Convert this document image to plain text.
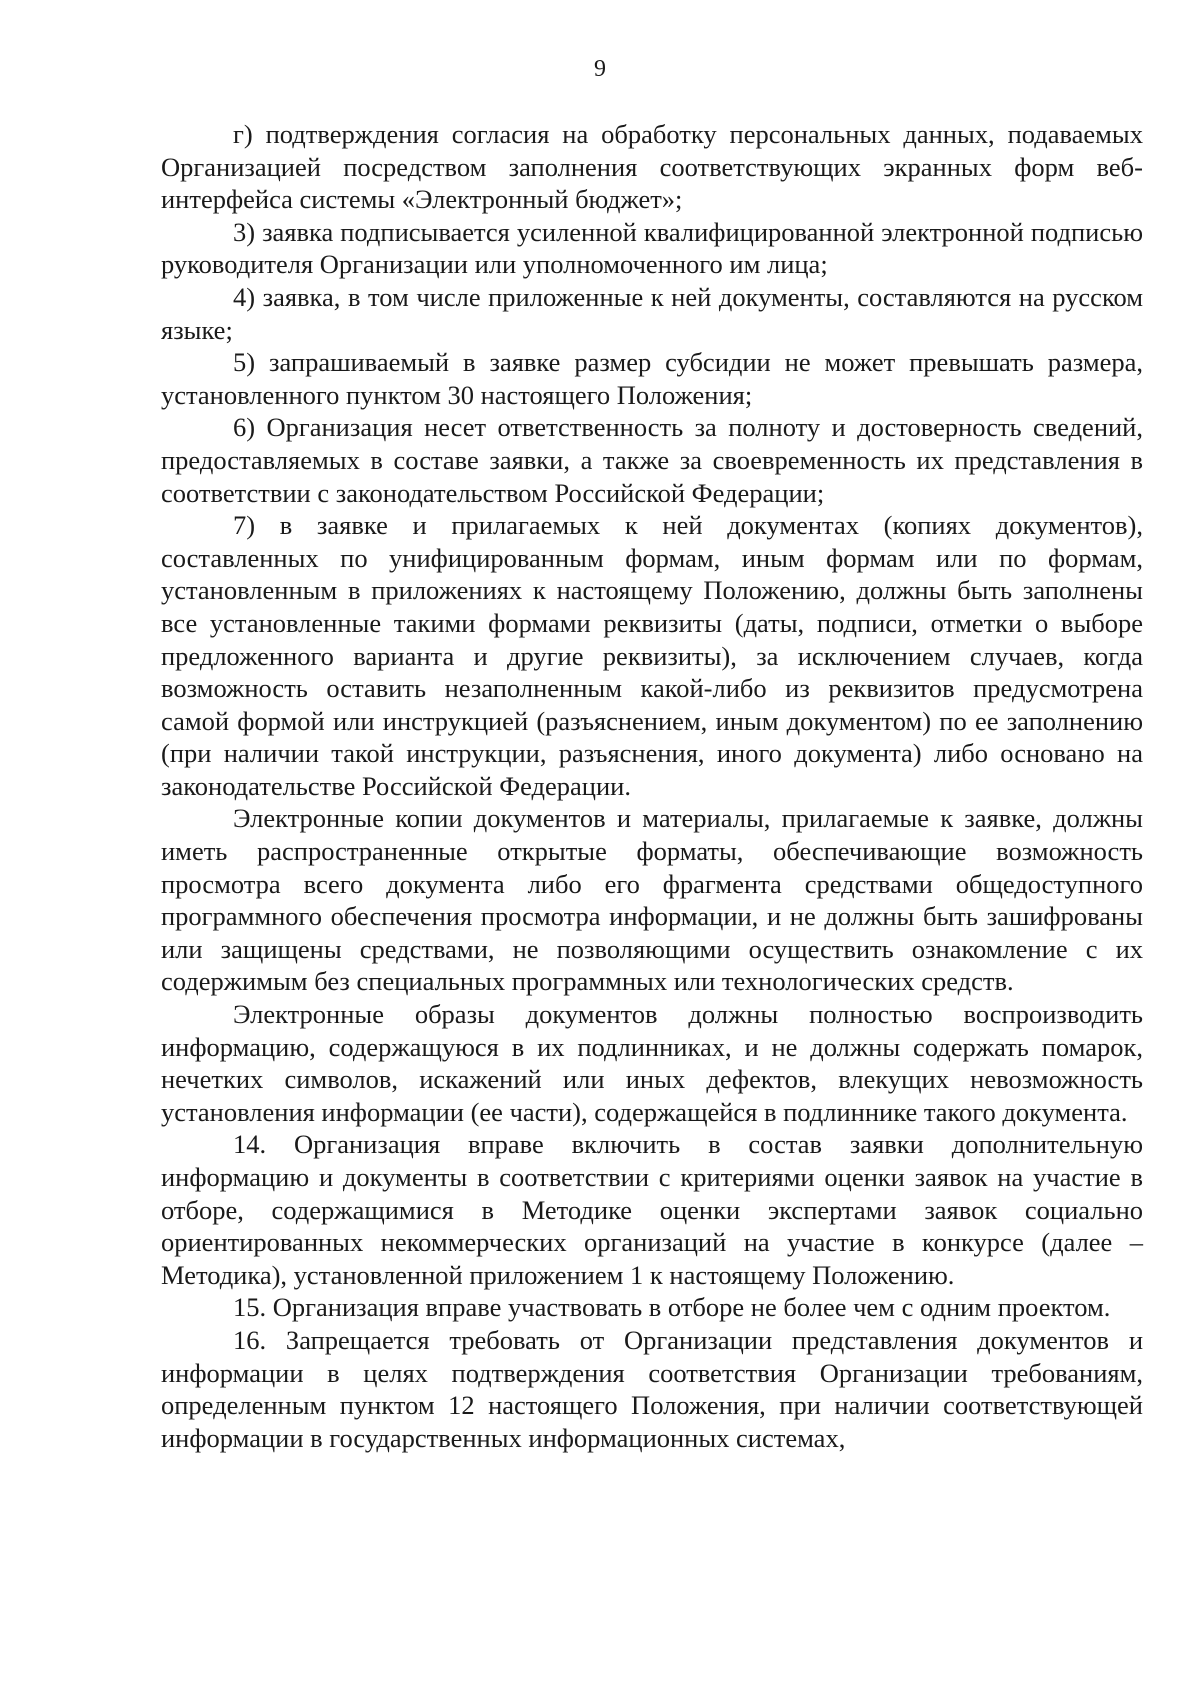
9

г) подтверждения согласия на обработку персональных данных, подаваемых Организацией посредством заполнения соответствующих экранных форм веб-интерфейса системы «Электронный бюджет»;

3) заявка подписывается усиленной квалифицированной электронной подписью руководителя Организации или уполномоченного им лица;

4) заявка, в том числе приложенные к ней документы, составляются на русском языке;

5) запрашиваемый в заявке размер субсидии не может превышать размера, установленного пунктом 30 настоящего Положения;

6) Организация несет ответственность за полноту и достоверность сведений, предоставляемых в составе заявки, а также за своевременность их представления в соответствии с законодательством Российской Федерации;

7) в заявке и прилагаемых к ней документах (копиях документов), составленных по унифицированным формам, иным формам или по формам, установленным в приложениях к настоящему Положению, должны быть заполнены все установленные такими формами реквизиты (даты, подписи, отметки о выборе предложенного варианта и другие реквизиты), за исключением случаев, когда возможность оставить незаполненным какой-либо из реквизитов предусмотрена самой формой или инструкцией (разъяснением, иным документом) по ее заполнению (при наличии такой инструкции, разъяснения, иного документа) либо основано на законодательстве Российской Федерации.

Электронные копии документов и материалы, прилагаемые к заявке, должны иметь распространенные открытые форматы, обеспечивающие возможность просмотра всего документа либо его фрагмента средствами общедоступного программного обеспечения просмотра информации, и не должны быть зашифрованы или защищены средствами, не позволяющими осуществить ознакомление с их содержимым без специальных программных или технологических средств.

Электронные образы документов должны полностью воспроизводить информацию, содержащуюся в их подлинниках, и не должны содержать помарок, нечетких символов, искажений или иных дефектов, влекущих невозможность установления информации (ее части), содержащейся в подлиннике такого документа.

14. Организация вправе включить в состав заявки дополнительную информацию и документы в соответствии с критериями оценки заявок на участие в отборе, содержащимися в Методике оценки экспертами заявок социально ориентированных некоммерческих организаций на участие в конкурсе (далее – Методика), установленной приложением 1 к настоящему Положению.

15. Организация вправе участвовать в отборе не более чем с одним проектом.

16. Запрещается требовать от Организации представления документов и информации в целях подтверждения соответствия Организации требованиям, определенным пунктом 12 настоящего Положения, при наличии соответствующей информации в государственных информационных системах,
